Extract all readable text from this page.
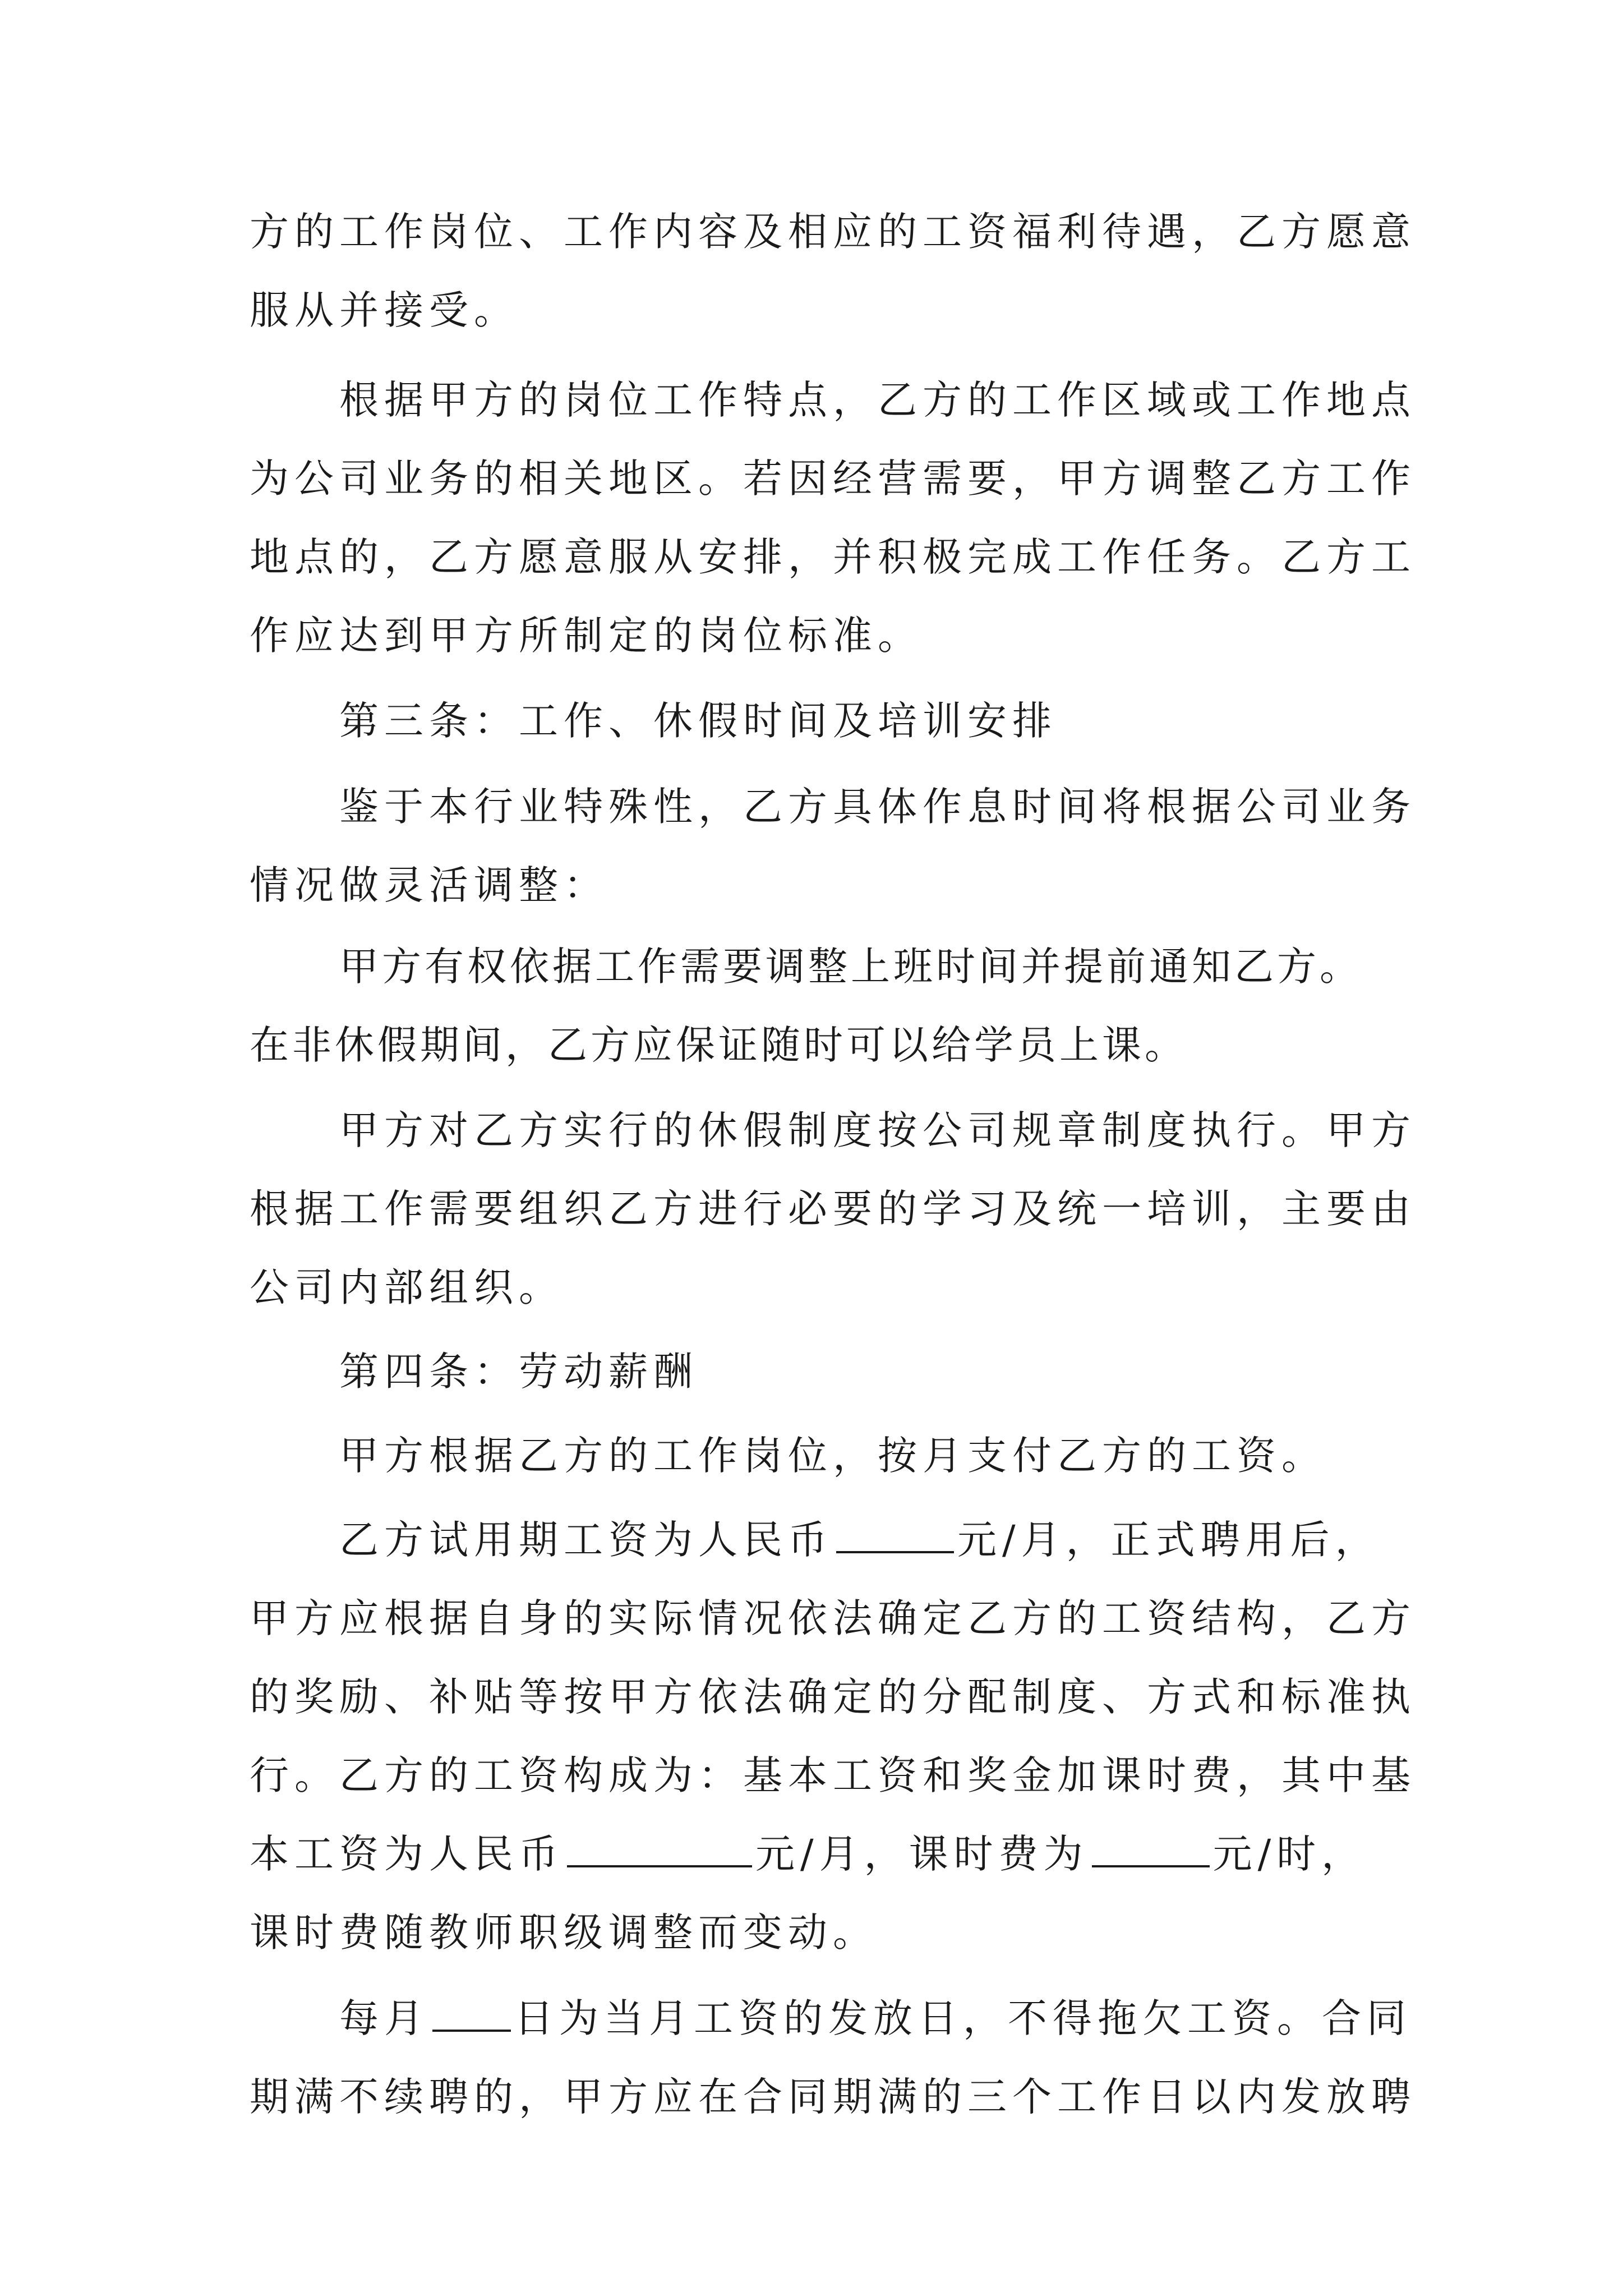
方的工作岗位、工作内容及相应的工资福利待遇，乙方愿意
服从并接受。
根据甲方的岗位工作特点，乙方的工作区域或工作地点
为公司业务的相关地区。若因经营需要，甲方调整乙方工作
地点的，乙方愿意服从安排，并积极完成工作任务。乙方工
作应达到甲方所制定的岗位标准。
第三条：工作、休假时间及培训安排
鉴于本行业特殊性，乙方具体作息时间将根据公司业务
情况做灵活调整：
甲方有权依据工作需要调整上班时间并提前通知乙方。
在非休假期间，乙方应保证随时可以给学员上课。
甲方对乙方实行的休假制度按公司规章制度执行。甲方
根据工作需要组织乙方进行必要的学习及统一培训，主要由
公司内部组织。
第四条：劳动薪酬
甲方根据乙方的工作岗位，按月支付乙方的工资。
乙方试用期工资为人民币	元/月，正式聘用后，
甲方应根据自身的实际情况依法确定乙方的工资结构，乙方
的奖励、补贴等按甲方依法确定的分配制度、方式和标准执
行。乙方的工资构成为：基本工资和奖金加课时费，其中基
本工资为人民币	元/月，课时费为	元/时，
课时费随教师职级调整而变动。
每月 日为当月工资的发放日，不得拖欠工资。合同
期满不续聘的，甲方应在合同期满的三个工作日以内发放聘
